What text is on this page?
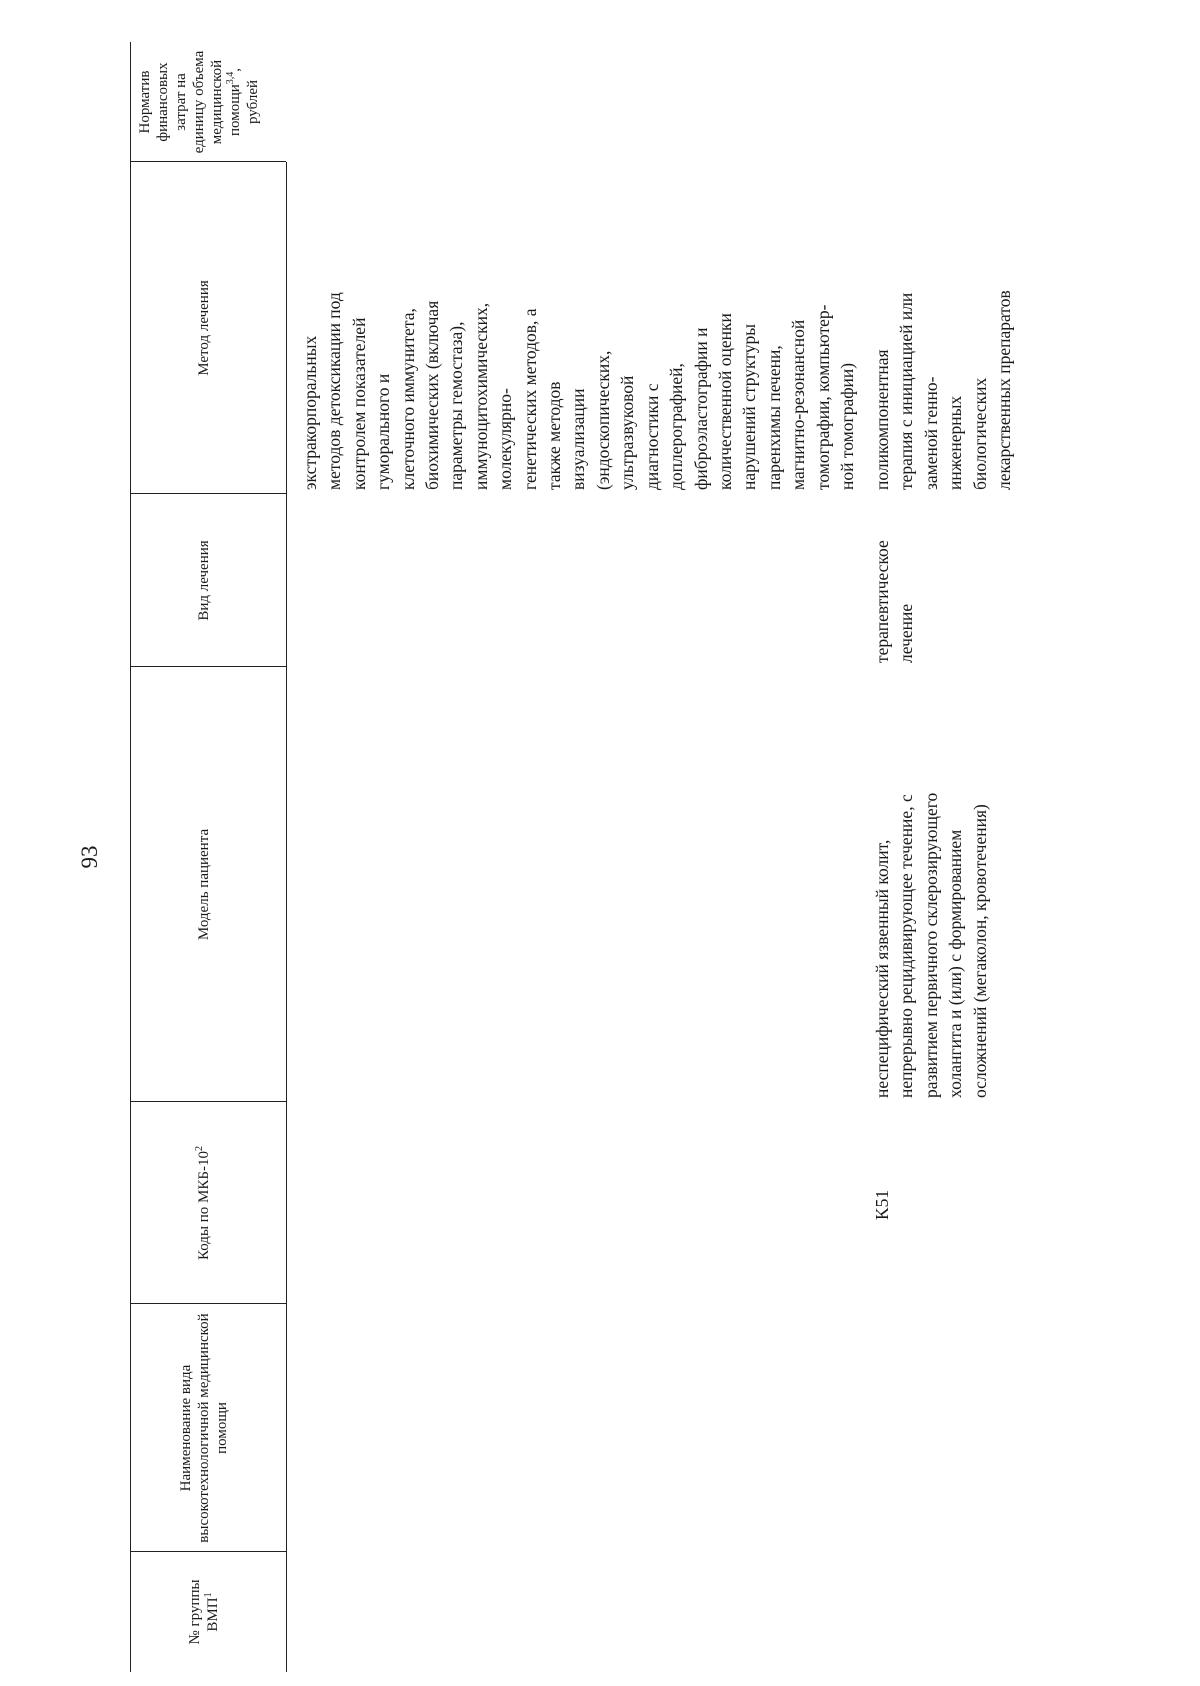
93
№ группы ВМП$^1$
Наименование вида высокотехнологичной медицинской помощи
Коды по МКБ-$10^2$
Модель пациента
Вид лечения
Метод лечения
Норматив финансовых затрат на единицу объема медицинской помощи$^{3,4}$, рублей
экстракорпоральных
методов детоксикации под
контролем показателей
гуморального и
клеточного иммунитета,
биохимических (включая
параметры гемостаза),
иммуноцитохимических,
молекулярно-
генетических методов, а
также методов
визуализации
(эндоскопических,
ультразвуковой
диагностики с
доплерографией,
фиброэластографии и
количественной оценки
нарушений структуры
паренхимы печени,
магнитно-резонансной
томографии, компьютер-
ной томографии)
K51
неспецифический язвенный колит,
непрерывно рецидивирующее течение, с
развитием первичного склерозирующего
холангита и (или) с формированием
осложнений (мегаколон, кровотечения)
терапевтическое
лечение
поликомпонентная
терапия с инициацией или
заменой генно-
инженерных
биологических
лекарственных препаратов
